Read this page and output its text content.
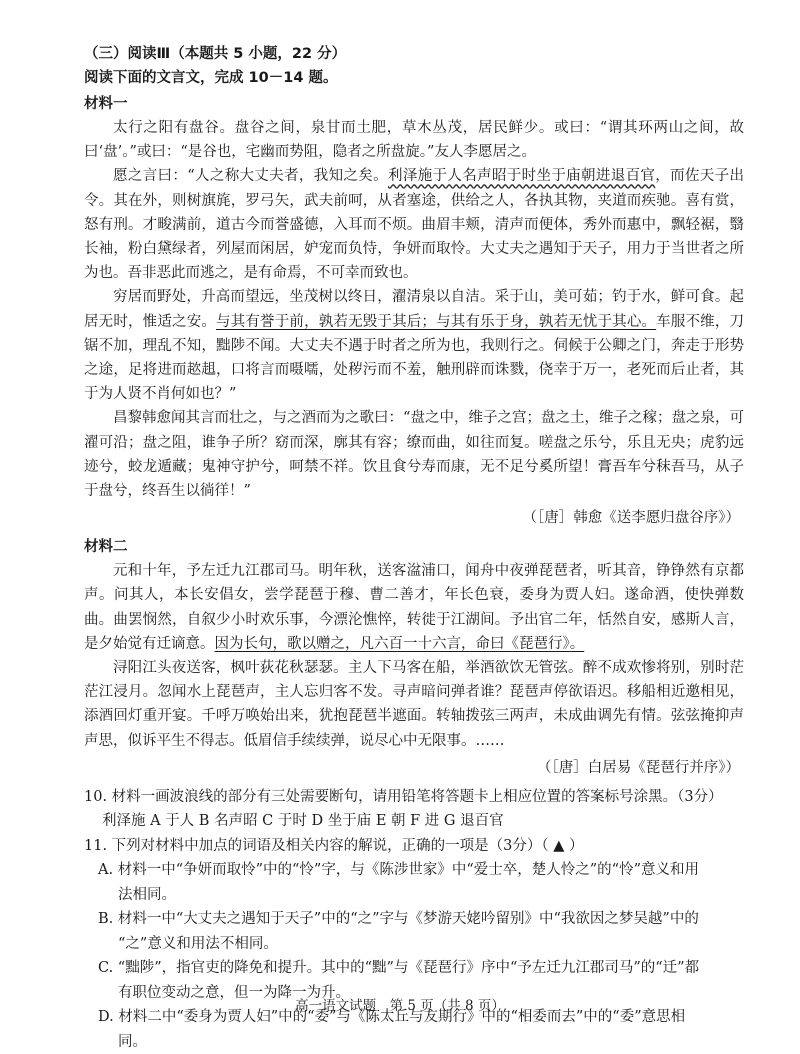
（三）阅读Ⅲ（本题共 5 小题，22 分）
阅读下面的文言文，完成 10－14 题。
材料一

太行之阳有盘谷。盘谷之间，泉甘而土肥，草木丛茂，居民鲜少。或曰：“谓其环两山之间，故曰‘盘’。”或曰：“是谷也，宅幽而势阻，隐者之所盘旋。”友人李愿居之。

愿之言曰：“人之称大丈夫者，我知之矣。利泽施于人名声昭于时坐于庙朝进退百官，而佐天子出令。其在外，则树旗旄，罗弓矢，武夫前呵，从者塞途，供给之人，各执其物，夹道而疾驰。喜有赏，怒有刑。才畯满前，道古今而誉盛德，入耳而不烦。曲眉丰颊，清声而便体，秀外而惠中，飘轻裾，翳长袖，粉白黛绿者，列屋而闲居，妒宠而负恃，争妍而取怜。大丈夫之遇知于天子，用力于当世者之所为也。吾非恶此而逃之，是有命焉，不可幸而致也。

穷居而野处，升高而望远，坐茂树以终日，濯清泉以自洁。采于山，美可茹；钓于水，鲜可食。起居无时，惟适之安。与其有誉于前，孰若无毁于其后；与其有乐于身，孰若无忧于其心。车服不维，刀锯不加，理乱不知，黜陟不闻。大丈夫不遇于时者之所为也，我则行之。伺候于公卿之门，奔走于形势之途，足将进而趑趄，口将言而嗫嚅，处秽污而不羞，触刑辟而诛戮，侥幸于万一，老死而后止者，其于为人贤不肖何如也？”

昌黎韩愈闻其言而壮之，与之酒而为之歌曰：“盘之中，维子之宫；盘之土，维子之稼；盘之泉，可濯可沿；盘之阻，谁争子所？窈而深，廓其有容；缭而曲，如往而复。嗟盘之乐兮，乐且无央；虎豹远迹兮，蛟龙遁藏；鬼神守护兮，呵禁不祥。饮且食兮寿而康，无不足兮奚所望！膏吾车兮秣吾马，从子于盘兮，终吾生以徜徉！”

（［唐］韩愈《送李愿归盘谷序》）
材料二

元和十年，予左迁九江郡司马。明年秋，送客湓浦口，闻舟中夜弹琵琶者，听其音，铮铮然有京都声。问其人，本长安倡女，尝学琵琶于穆、曹二善才，年长色衰，委身为贾人妇。遂命酒，使快弹数曲。曲罢悯然，自叙少小时欢乐事，今漂沦憔悴，转徙于江湖间。予出官二年，恬然自安，感斯人言，是夕始觉有迁谪意。因为长句，歌以赠之，凡六百一十六言，命曰《琵琶行》。

浔阳江头夜送客，枫叶荻花秋瑟瑟。主人下马客在船，举酒欲饮无管弦。醉不成欢惨将别，别时茫茫江浸月。忽闻水上琵琶声，主人忘归客不发。寻声暗问弹者谁？琵琶声停欲语迟。移船相近邀相见，添酒回灯重开宴。千呼万唤始出来，犹抱琵琶半遮面。转轴拨弦三两声，未成曲调先有情。弦弦掩抑声声思，似诉平生不得志。低眉信手续续弹，说尽心中无限事。……

（［唐］白居易《琵琶行并序》）

10. 材料一画波浪线的部分有三处需要断句，请用铅笔将答题卡上相应位置的答案标号涂黑。（3分）

利泽施 A 于人 B 名声昭 C 于时 D 坐于庙 E 朝 F 进 G 退百官

11. 下列对材料中加点的词语及相关内容的解说，正确的一项是（3分）（ ▲ ）

A. 材料一中“争妍而取怜”中的“怜”字，与《陈涉世家》中“爱士卒，楚人怜之”的“怜”意义和用

法相同。

B. 材料一中“大丈夫之遇知于天子”中的“之”字与《梦游天姥吟留别》中“我欲因之梦吴越”中的

“之”意义和用法不相同。

C. “黜陟”，指官吏的降免和提升。其中的“黜”与《琵琶行》序中“予左迁九江郡司马”的“迁”都

有职位变动之意，但一为降一为升。

D. 材料二中“委身为贾人妇”中的“委”与《陈太丘与友期行》中的“相委而去”中的“委”意思相

同。

高一语文试题　第 5 页（共 8 页）
